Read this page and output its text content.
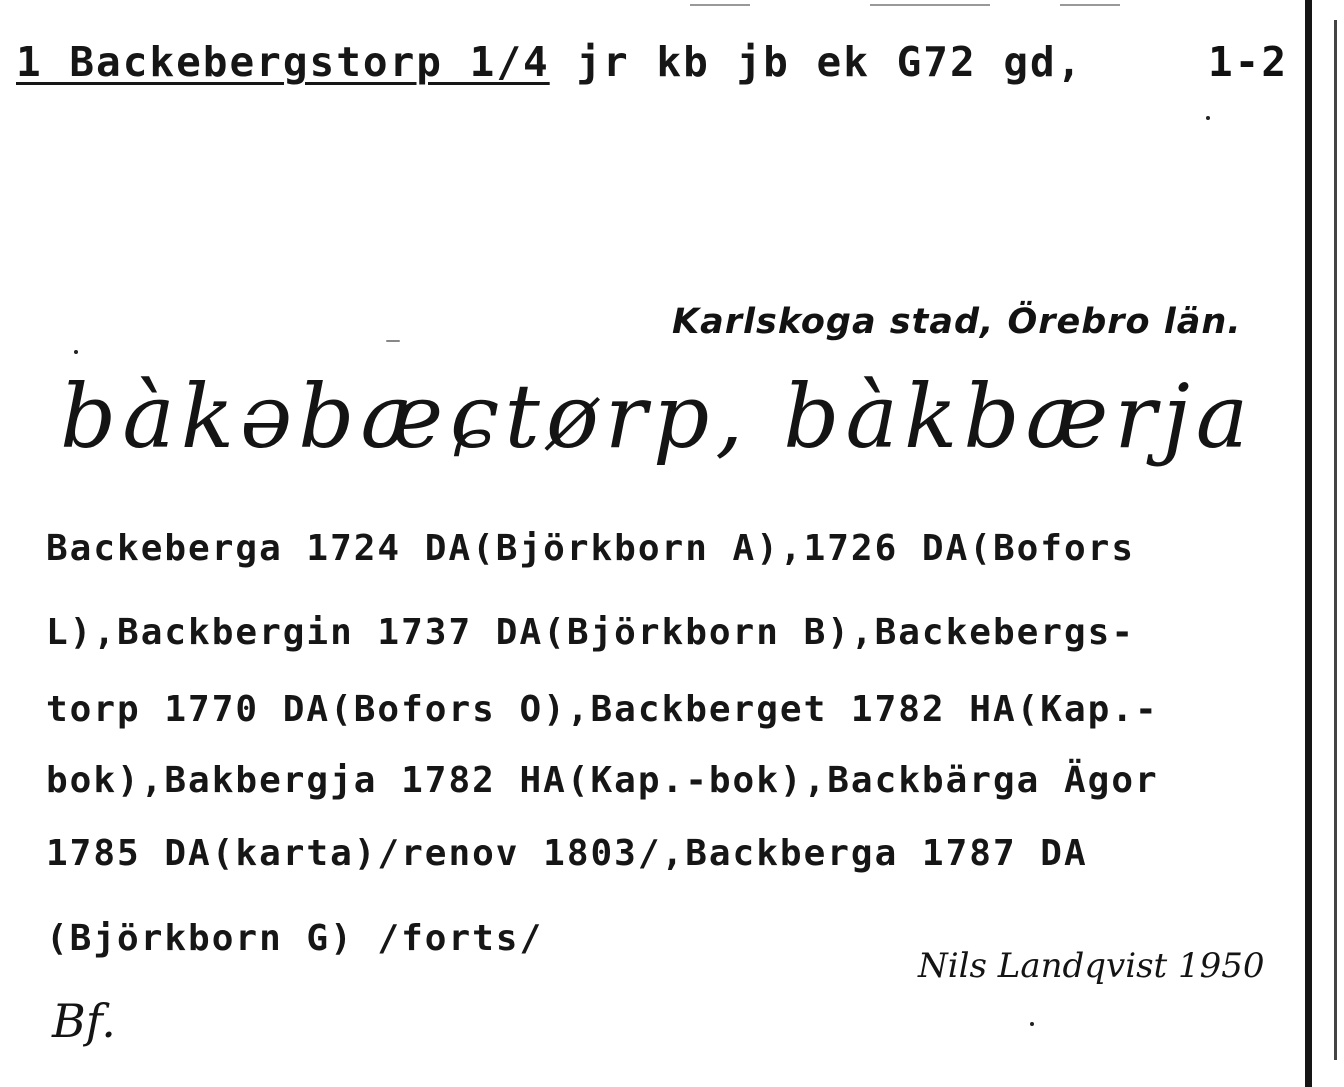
1 Backebergstorp 1/4 jr kb jb ek G72 gd,	1-2
Karlskoga stad, Örebro län.
bàkəbæɕtørp, bàkbærja
Backeberga 1724 DA(Björkborn A),1726 DA(Bofors
L),Backbergin 1737 DA(Björkborn B),Backebergs-
torp 1770 DA(Bofors O),Backberget 1782 HA(Kap.-
bok),Bakbergja 1782 HA(Kap.-bok),Backbärga Ägor
1785 DA(karta)/renov 1803/,Backberga 1787 DA
(Björkborn G) /forts/
Nils Landqvist 1950
Bf.
